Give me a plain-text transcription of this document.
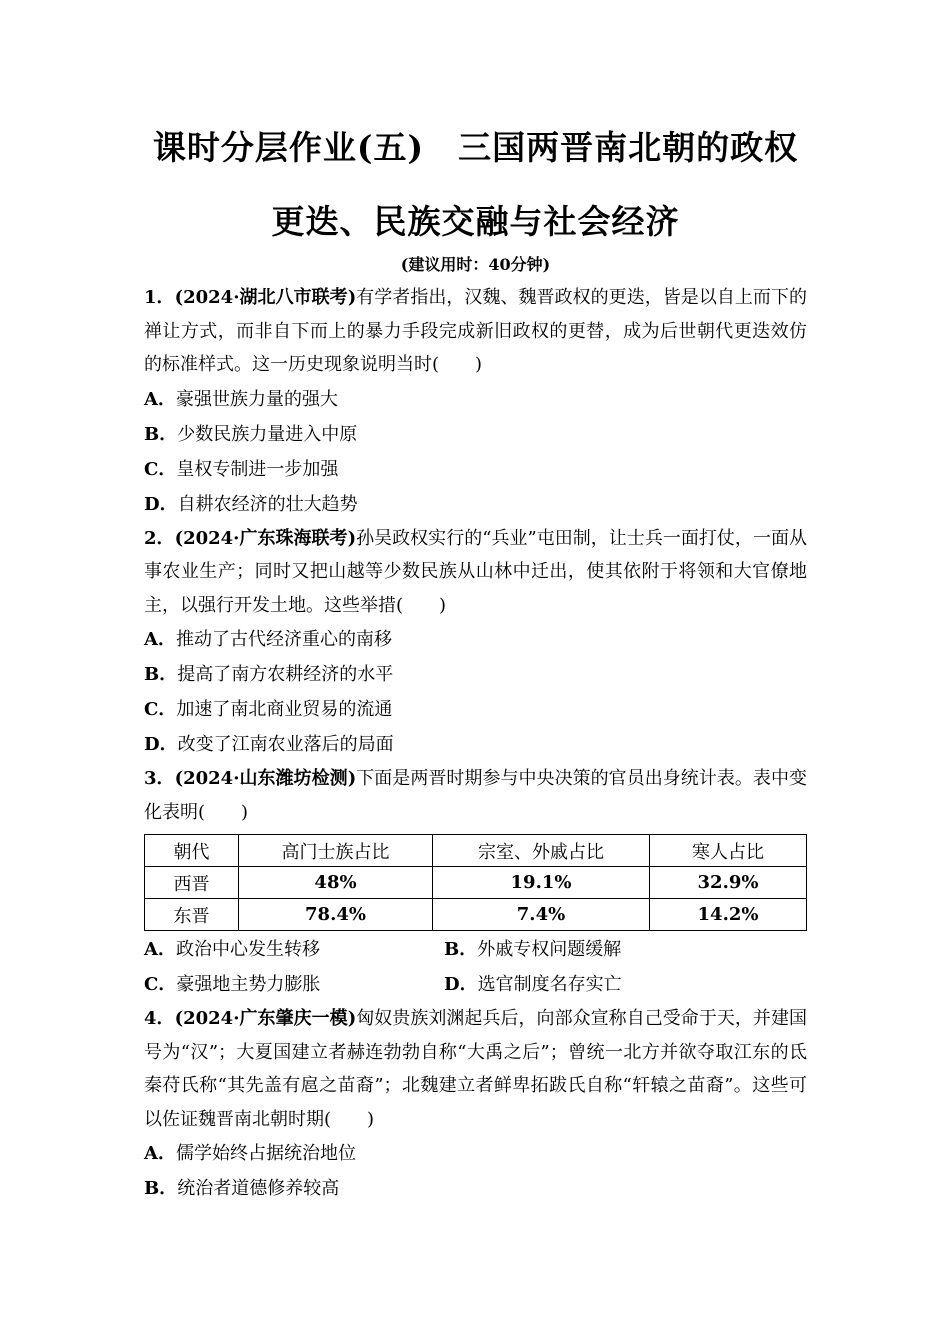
课时分层作业(五)　三国两晋南北朝的政权
更迭、民族交融与社会经济
(建议用时：40分钟)

1．(2024·湖北八市联考)有学者指出，汉魏、魏晋政权的更迭，皆是以自上而下的禅让方式，而非自下而上的暴力手段完成新旧政权的更替，成为后世朝代更迭效仿的标准样式。这一历史现象说明当时(　　)

A．豪强世族力量的强大

B．少数民族力量进入中原

C．皇权专制进一步加强

D．自耕农经济的壮大趋势

2．(2024·广东珠海联考)孙吴政权实行的“兵业”屯田制，让士兵一面打仗，一面从事农业生产；同时又把山越等少数民族从山林中迁出，使其依附于将领和大官僚地主，以强行开发土地。这些举措(　　)

A．推动了古代经济重心的南移

B．提高了南方农耕经济的水平

C．加速了南北商业贸易的流通

D．改变了江南农业落后的局面

3．(2024·山东潍坊检测)下面是两晋时期参与中央决策的官员出身统计表。表中变化表明(　　)

朝代	高门士族占比	宗室、外戚占比	寒人占比
西晋	48%	19.1%	32.9%
东晋	78.4%	7.4%	14.2%

A．政治中心发生转移	B．外戚专权问题缓解

C．豪强地主势力膨胀	D．选官制度名存实亡

4．(2024·广东肇庆一模)匈奴贵族刘渊起兵后，向部众宣称自己受命于天，并建国号为“汉”；大夏国建立者赫连勃勃自称“大禹之后”；曾统一北方并欲夺取江东的氐秦苻氏称“其先盖有扈之苗裔”；北魏建立者鲜卑拓跋氏自称“轩辕之苗裔”。这些可以佐证魏晋南北朝时期(　　)

A．儒学始终占据统治地位

B．统治者道德修养较高
